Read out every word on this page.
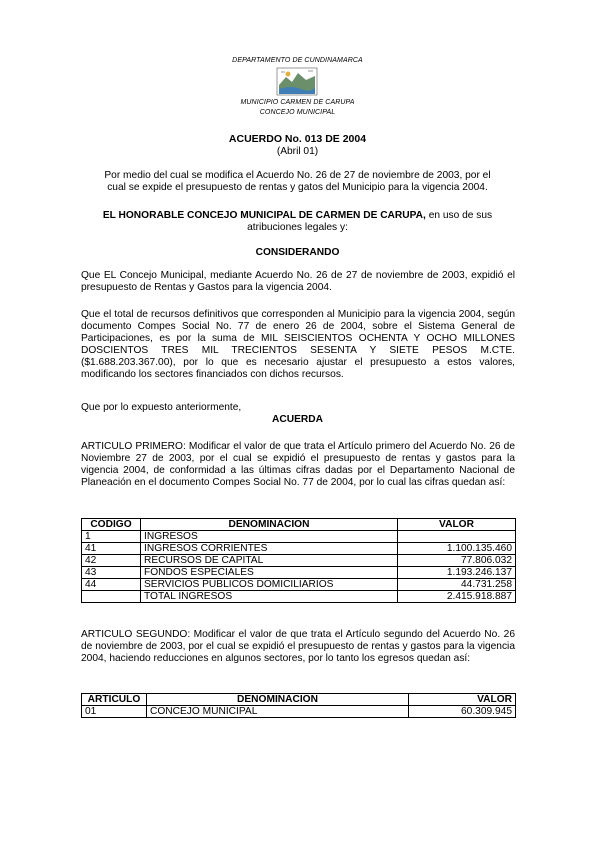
DEPARTAMENTO DE CUNDINAMARCA
MUNICIPIO CARMEN DE CARUPA
CONCEJO MUNICIPAL
ACUERDO No. 013 DE 2004
(Abril 01)
Por medio del cual se modifica el Acuerdo No. 26 de 27 de noviembre de 2003, por el
cual se expide el presupuesto de rentas y gatos del Municipio para la vigencia 2004.
EL HONORABLE CONCEJO MUNICIPAL DE CARMEN DE CARUPA, en uso de sus
atribuciones legales y:
CONSIDERANDO
Que EL Concejo Municipal, mediante Acuerdo No. 26 de 27 de noviembre de 2003, expidió el presupuesto de Rentas y Gastos para la vigencia 2004.
Que el total de recursos definitivos que corresponden al Municipio para la vigencia 2004, según documento Compes Social No. 77 de enero 26 de 2004, sobre el Sistema General de Participaciones, es por la suma de MIL SEISCIENTOS OCHENTA Y OCHO MILLONES DOSCIENTOS TRES MIL TRECIENTOS SESENTA Y SIETE PESOS M.CTE. ($1.688.203.367.00), por lo que es necesario ajustar el presupuesto a estos valores, modificando los sectores financiados con dichos recursos.
Que por lo expuesto anteriormente,
ACUERDA
ARTICULO PRIMERO: Modificar el valor de que trata el Artículo primero del Acuerdo No. 26 de Noviembre 27 de 2003, por el cual se expidió el presupuesto de rentas y gastos para la vigencia 2004, de conformidad a las últimas cifras dadas por el Departamento Nacional de Planeación en el documento Compes Social No. 77 de 2004, por lo cual las cifras quedan así:
CODIGO	DENOMINACION	VALOR
1	INGRESOS	
41	INGRESOS CORRIENTES	1.100.135.460
42	RECURSOS DE CAPITAL	77.806.032
43	FONDOS ESPECIALES	1.193.246.137
44	SERVICIOS PUBLICOS DOMICILIARIOS	44.731.258
	TOTAL INGRESOS	2.415.918.887
ARTICULO SEGUNDO: Modificar el valor de que trata el Artículo segundo del Acuerdo No. 26 de noviembre de 2003, por el cual se expidió el presupuesto de rentas y gastos para la vigencia 2004, haciendo reducciones en algunos sectores, por lo tanto los egresos quedan así:
ARTICULO	DENOMINACION	VALOR
01	CONCEJO MUNICIPAL	60.309.945
